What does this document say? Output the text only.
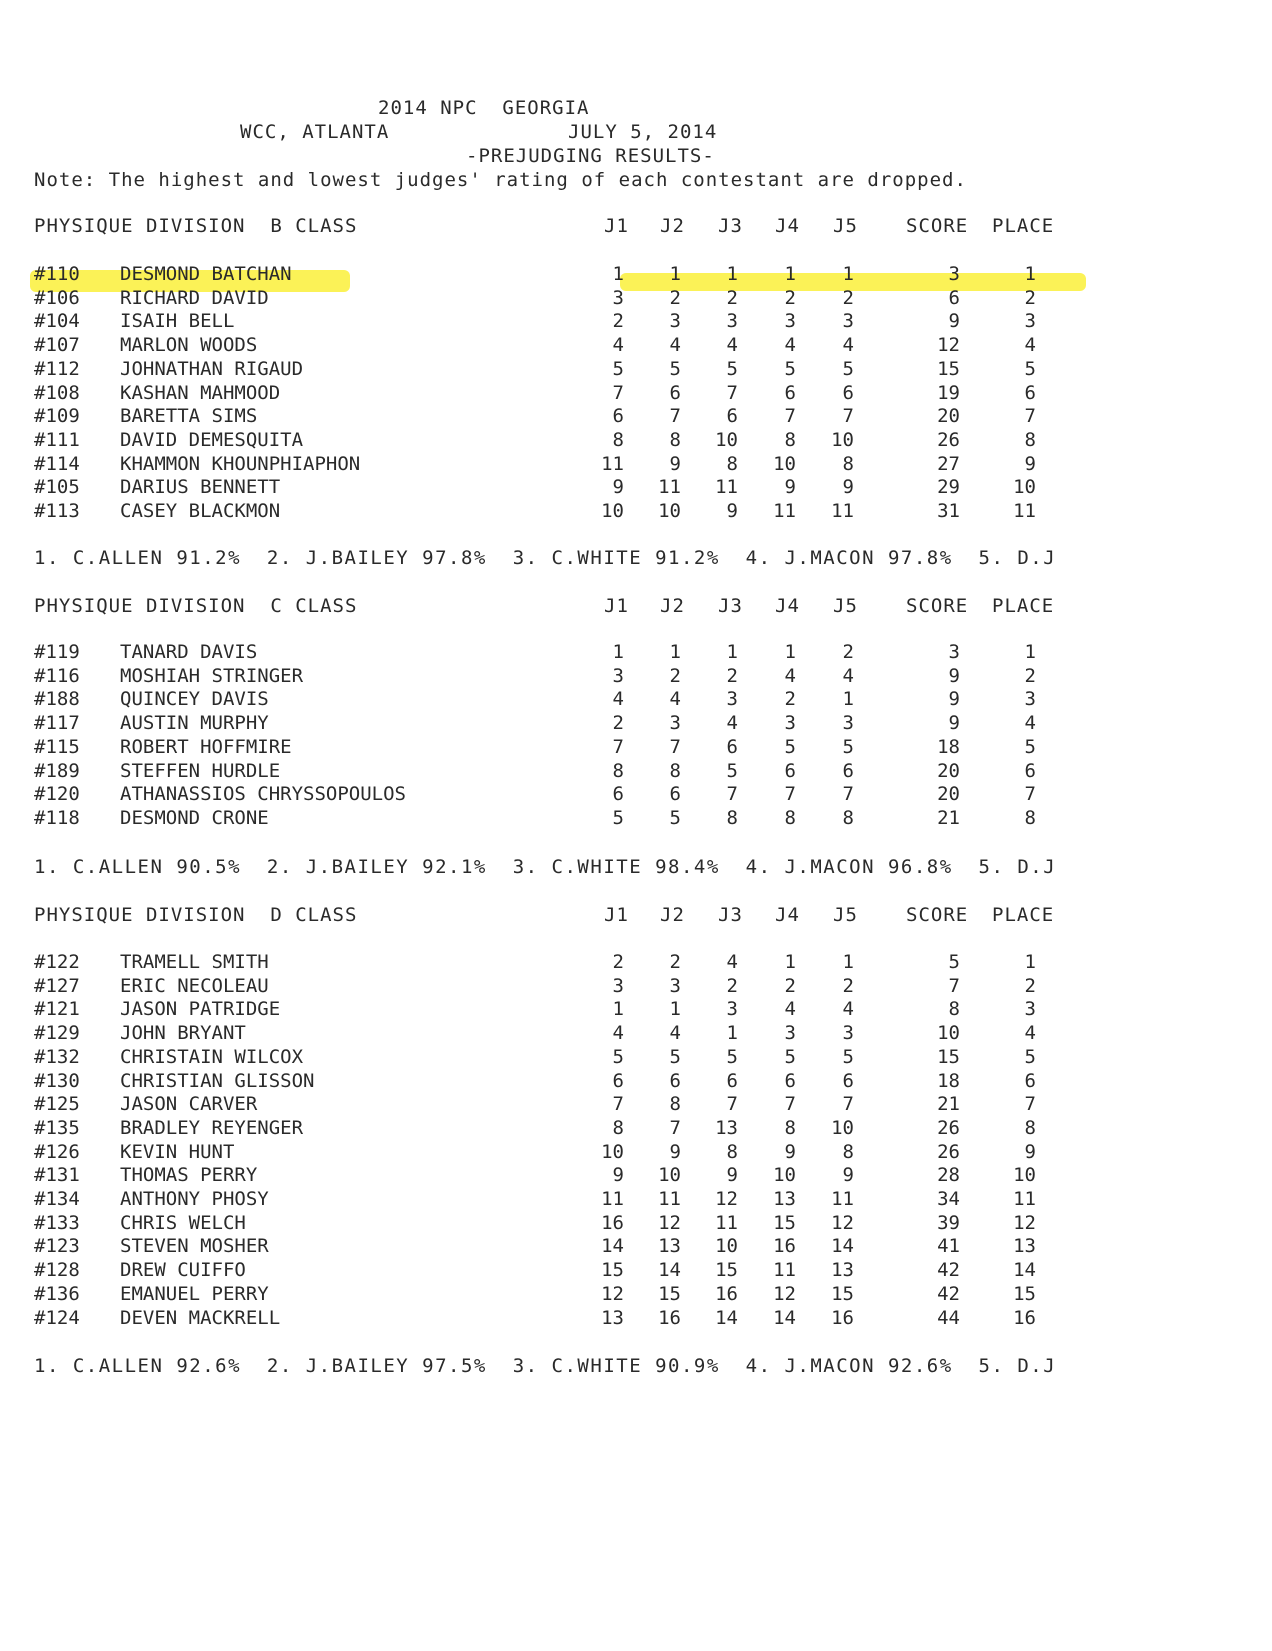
2014 NPC  GEORGIA
WCC, ATLANTA	JULY 5, 2014
-PREJUDGING RESULTS-
Note: The highest and lowest judges' rating of each contestant are dropped.
PHYSIQUE DIVISION  B CLASS	J1 J2 J3 J4 J5	SCORE PLACE
#110 DESMOND BATCHAN	1	1	1	1	1	3	1
#106 RICHARD DAVID	3	2	2	2	2	6	2
#104 ISAIH BELL	2	3	3	3	3	9	3
#107 MARLON WOODS	4	4	4	4	4	12	4
#112 JOHNATHAN RIGAUD	5	5	5	5	5	15	5
#108 KASHAN MAHMOOD	7	6	7	6	6	19	6
#109 BARETTA SIMS	6	7	6	7	7	20	7
#111 DAVID DEMESQUITA	8	8	10	8	10	26	8
#114 KHAMMON KHOUNPHIAPHON	11	9	8	10	8	27	9
#105 DARIUS BENNETT	9	11	11	9	9	29	10
#113 CASEY BLACKMON	10	10	9	11	11	31	11
1. C.ALLEN 91.2%  2. J.BAILEY 97.8%  3. C.WHITE 91.2%  4. J.MACON 97.8%  5. D.J
PHYSIQUE DIVISION  C CLASS	J1 J2 J3 J4 J5	SCORE PLACE
#119 TANARD DAVIS	1	1	1	1	2	3	1
#116 MOSHIAH STRINGER	3	2	2	4	4	9	2
#188 QUINCEY DAVIS	4	4	3	2	1	9	3
#117 AUSTIN MURPHY	2	3	4	3	3	9	4
#115 ROBERT HOFFMIRE	7	7	6	5	5	18	5
#189 STEFFEN HURDLE	8	8	5	6	6	20	6
#120 ATHANASSIOS CHRYSSOPOULOS	6	6	7	7	7	20	7
#118 DESMOND CRONE	5	5	8	8	8	21	8
1. C.ALLEN 90.5%  2. J.BAILEY 92.1%  3. C.WHITE 98.4%  4. J.MACON 96.8%  5. D.J
PHYSIQUE DIVISION  D CLASS	J1 J2 J3 J4 J5	SCORE PLACE
#122 TRAMELL SMITH	2	2	4	1	1	5	1
#127 ERIC NECOLEAU	3	3	2	2	2	7	2
#121 JASON PATRIDGE	1	1	3	4	4	8	3
#129 JOHN BRYANT	4	4	1	3	3	10	4
#132 CHRISTAIN WILCOX	5	5	5	5	5	15	5
#130 CHRISTIAN GLISSON	6	6	6	6	6	18	6
#125 JASON CARVER	7	8	7	7	7	21	7
#135 BRADLEY REYENGER	8	7	13	8	10	26	8
#126 KEVIN HUNT	10	9	8	9	8	26	9
#131 THOMAS PERRY	9	10	9	10	9	28	10
#134 ANTHONY PHOSY	11	11	12	13	11	34	11
#133 CHRIS WELCH	16	12	11	15	12	39	12
#123 STEVEN MOSHER	14	13	10	16	14	41	13
#128 DREW CUIFFO	15	14	15	11	13	42	14
#136 EMANUEL PERRY	12	15	16	12	15	42	15
#124 DEVEN MACKRELL	13	16	14	14	16	44	16
1. C.ALLEN 92.6%  2. J.BAILEY 97.5%  3. C.WHITE 90.9%  4. J.MACON 92.6%  5. D.J
